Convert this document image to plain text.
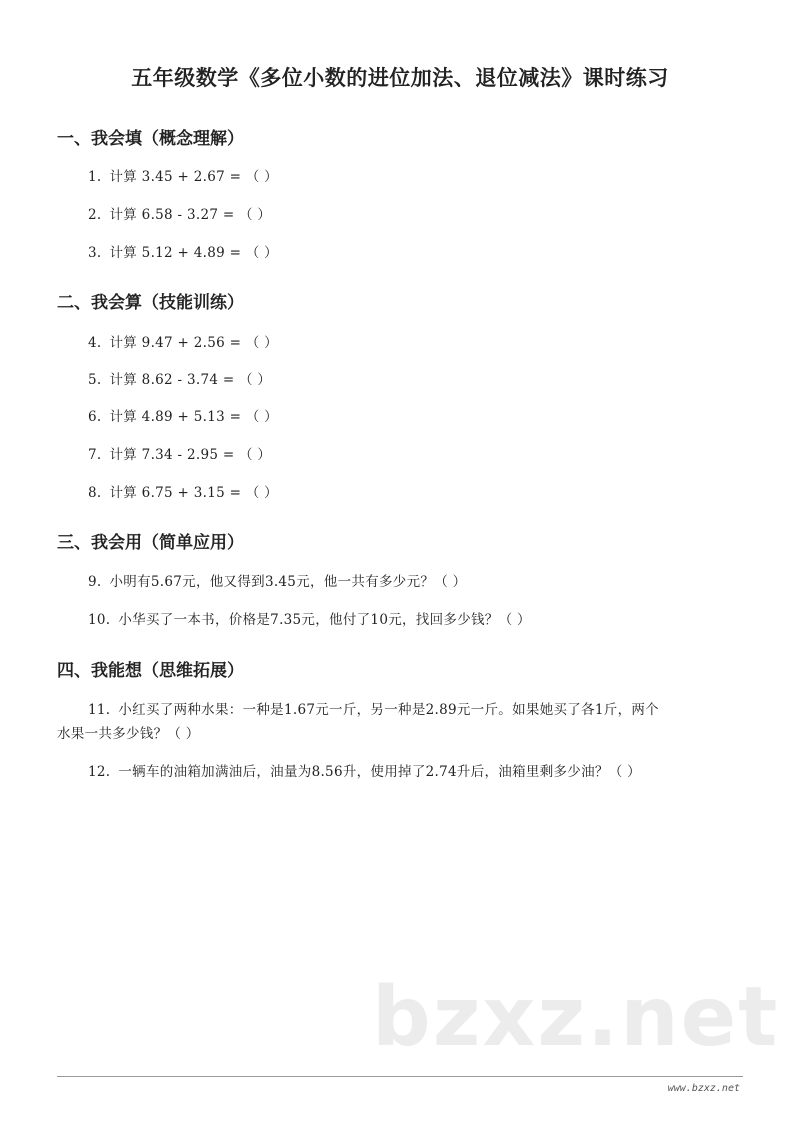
五年级数学《多位小数的进位加法、退位减法》课时练习
一、我会填（概念理解）
1. 计算 3.45 + 2.67 = （ ）
2. 计算 6.58 - 3.27 = （ ）
3. 计算 5.12 + 4.89 = （ ）
二、我会算（技能训练）
4. 计算 9.47 + 2.56 = （ ）
5. 计算 8.62 - 3.74 = （ ）
6. 计算 4.89 + 5.13 = （ ）
7. 计算 7.34 - 2.95 = （ ）
8. 计算 6.75 + 3.15 = （ ）
三、我会用（简单应用）
9. 小明有5.67元，他又得到3.45元，他一共有多少元？（ ）
10. 小华买了一本书，价格是7.35元，他付了10元，找回多少钱？（ ）
四、我能想（思维拓展）
11. 小红买了两种水果：一种是1.67元一斤，另一种是2.89元一斤。如果她买了各1斤，两个
水果一共多少钱？（ ）
12. 一辆车的油箱加满油后，油量为8.56升，使用掉了2.74升后，油箱里剩多少油？（ ）
bzxz.net
www.bzxz.net
